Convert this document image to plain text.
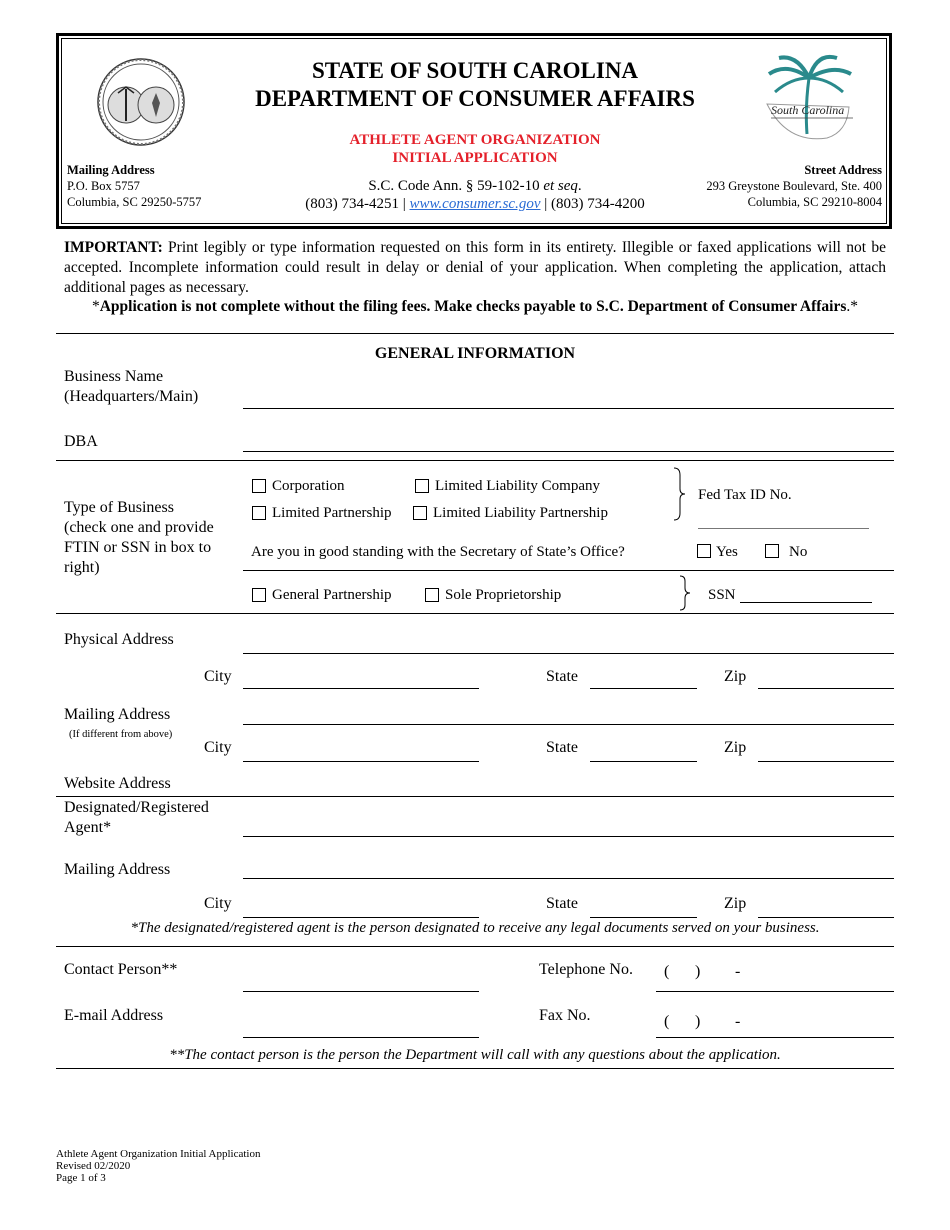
South Carolina
STATE OF SOUTH CAROLINA
DEPARTMENT OF CONSUMER AFFAIRS
ATHLETE AGENT ORGANIZATION
INITIAL APPLICATION
S.C. Code Ann. § 59-102-10 et seq.
(803) 734-4251 | www.consumer.sc.gov | (803) 734-4200
Mailing Address
P.O. Box 5757
Columbia, SC 29250-5757
Street Address
293 Greystone Boulevard, Ste. 400
Columbia, SC 29210-8004
IMPORTANT: Print legibly or type information requested on this form in its entirety. Illegible or faxed applications will not be accepted. Incomplete information could result in delay or denial of your application. When completing the application, attach additional pages as necessary.
*Application is not complete without the filing fees. Make checks payable to S.C. Department of Consumer Affairs.*
GENERAL INFORMATION
Business Name
(Headquarters/Main)
DBA
Type of Business
(check one and provide
FTIN or SSN in box to
right)
Corporation	Limited Liability Company
Limited Partnership	Limited Liability Partnership
Fed Tax ID No.
Are you in good standing with the Secretary of State’s Office?	Yes	No
General Partnership	Sole Proprietorship	SSN
Physical Address
City	State	Zip
Mailing Address
(If different from above)
City	State	Zip
Website Address
Designated/Registered
Agent*
Mailing Address
City	State	Zip
*The designated/registered agent is the person designated to receive any legal documents served on your business.
Contact Person**	Telephone No. ( ) -
E-mail Address	Fax No.	( ) -
**The contact person is the person the Department will call with any questions about the application.
Athlete Agent Organization Initial Application
Revised 02/2020
Page 1 of 3
